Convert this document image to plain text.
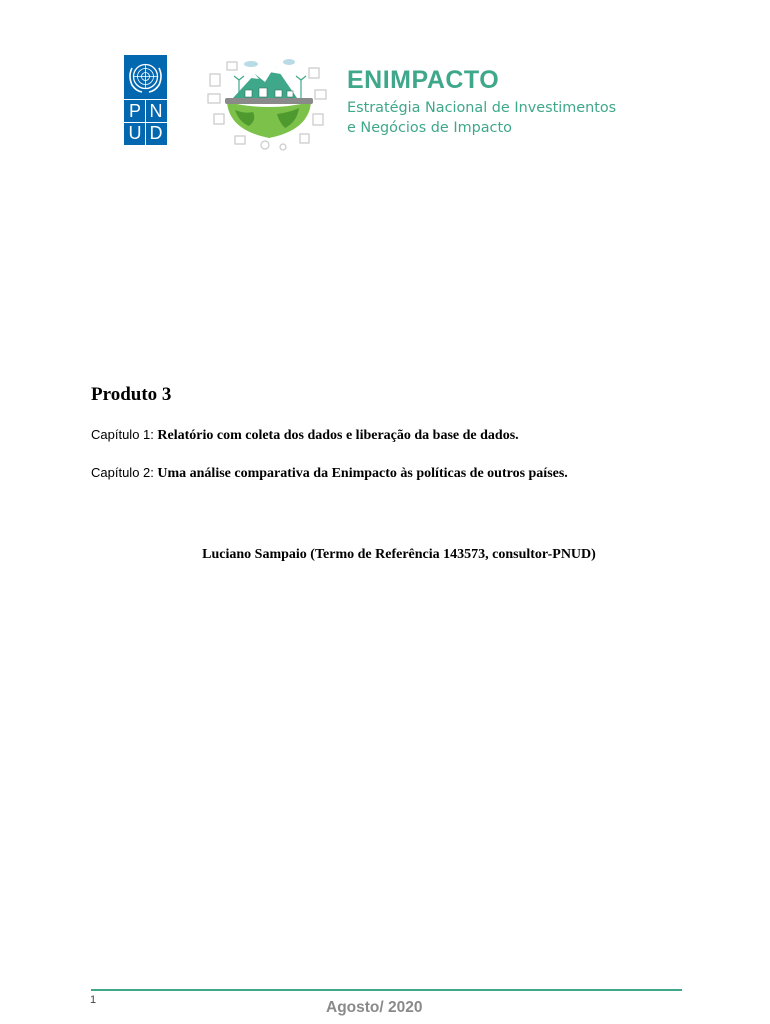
P N
U D
ENIMPACTO
Estratégia Nacional de Investimentos
e Negócios de Impacto
Produto 3
Capítulo 1: Relatório com coleta dos dados e liberação da base de dados.
Capítulo 2: Uma análise comparativa da Enimpacto às políticas de outros países.
Luciano Sampaio (Termo de Referência 143573, consultor-PNUD)
1	Agosto/ 2020
